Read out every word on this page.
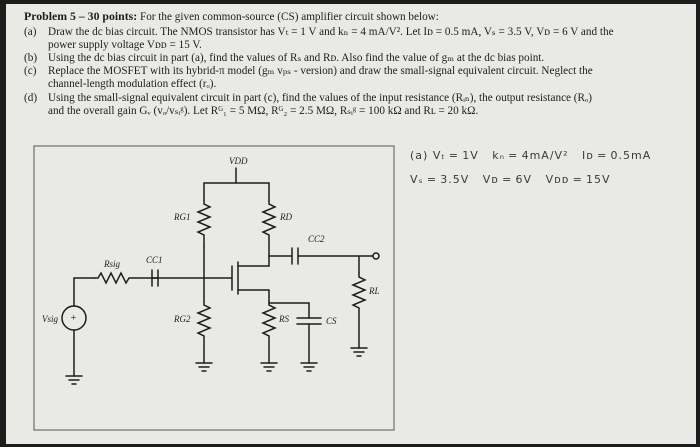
Problem 5 – 30 points: For the given common-source (CS) amplifier circuit shown below:
(a) Draw the dc bias circuit. The NMOS transistor has Vₜ = 1 V and kₙ = 4 mA/V². Let Iᴅ = 0.5 mA, Vₛ = 3.5 V, Vᴅ = 6 V and the
power supply voltage Vᴅᴅ = 15 V.
(b) Using the dc bias circuit in part (a), find the values of Rₛ and Rᴅ. Also find the value of gₘ at the dc bias point.
(c) Replace the MOSFET with its hybrid-π model (gₘ vₚₛ - version) and draw the small-signal equivalent circuit. Neglect the
channel-length modulation effect (rₒ).
(d) Using the small-signal equivalent circuit in part (c), find the values of the input resistance (Rᵢₙ), the output resistance (Rₒ)
and the overall gain Gᵥ (vₒ/vₛᵢᵍ). Let Rᴳ₁ = 5 MΩ, Rᴳ₂ = 2.5 MΩ, Rₛᵢᵍ = 100 kΩ and Rʟ = 20 kΩ.
VDD
RG1	RD
CC2
CC1
Rsig
RL
RG2	RS	CS
Vsig +
(a) Vₜ = 1V kₙ = 4mA/V² Iᴅ = 0.5mA
Vₛ = 3.5V Vᴅ = 6V Vᴅᴅ = 15V
